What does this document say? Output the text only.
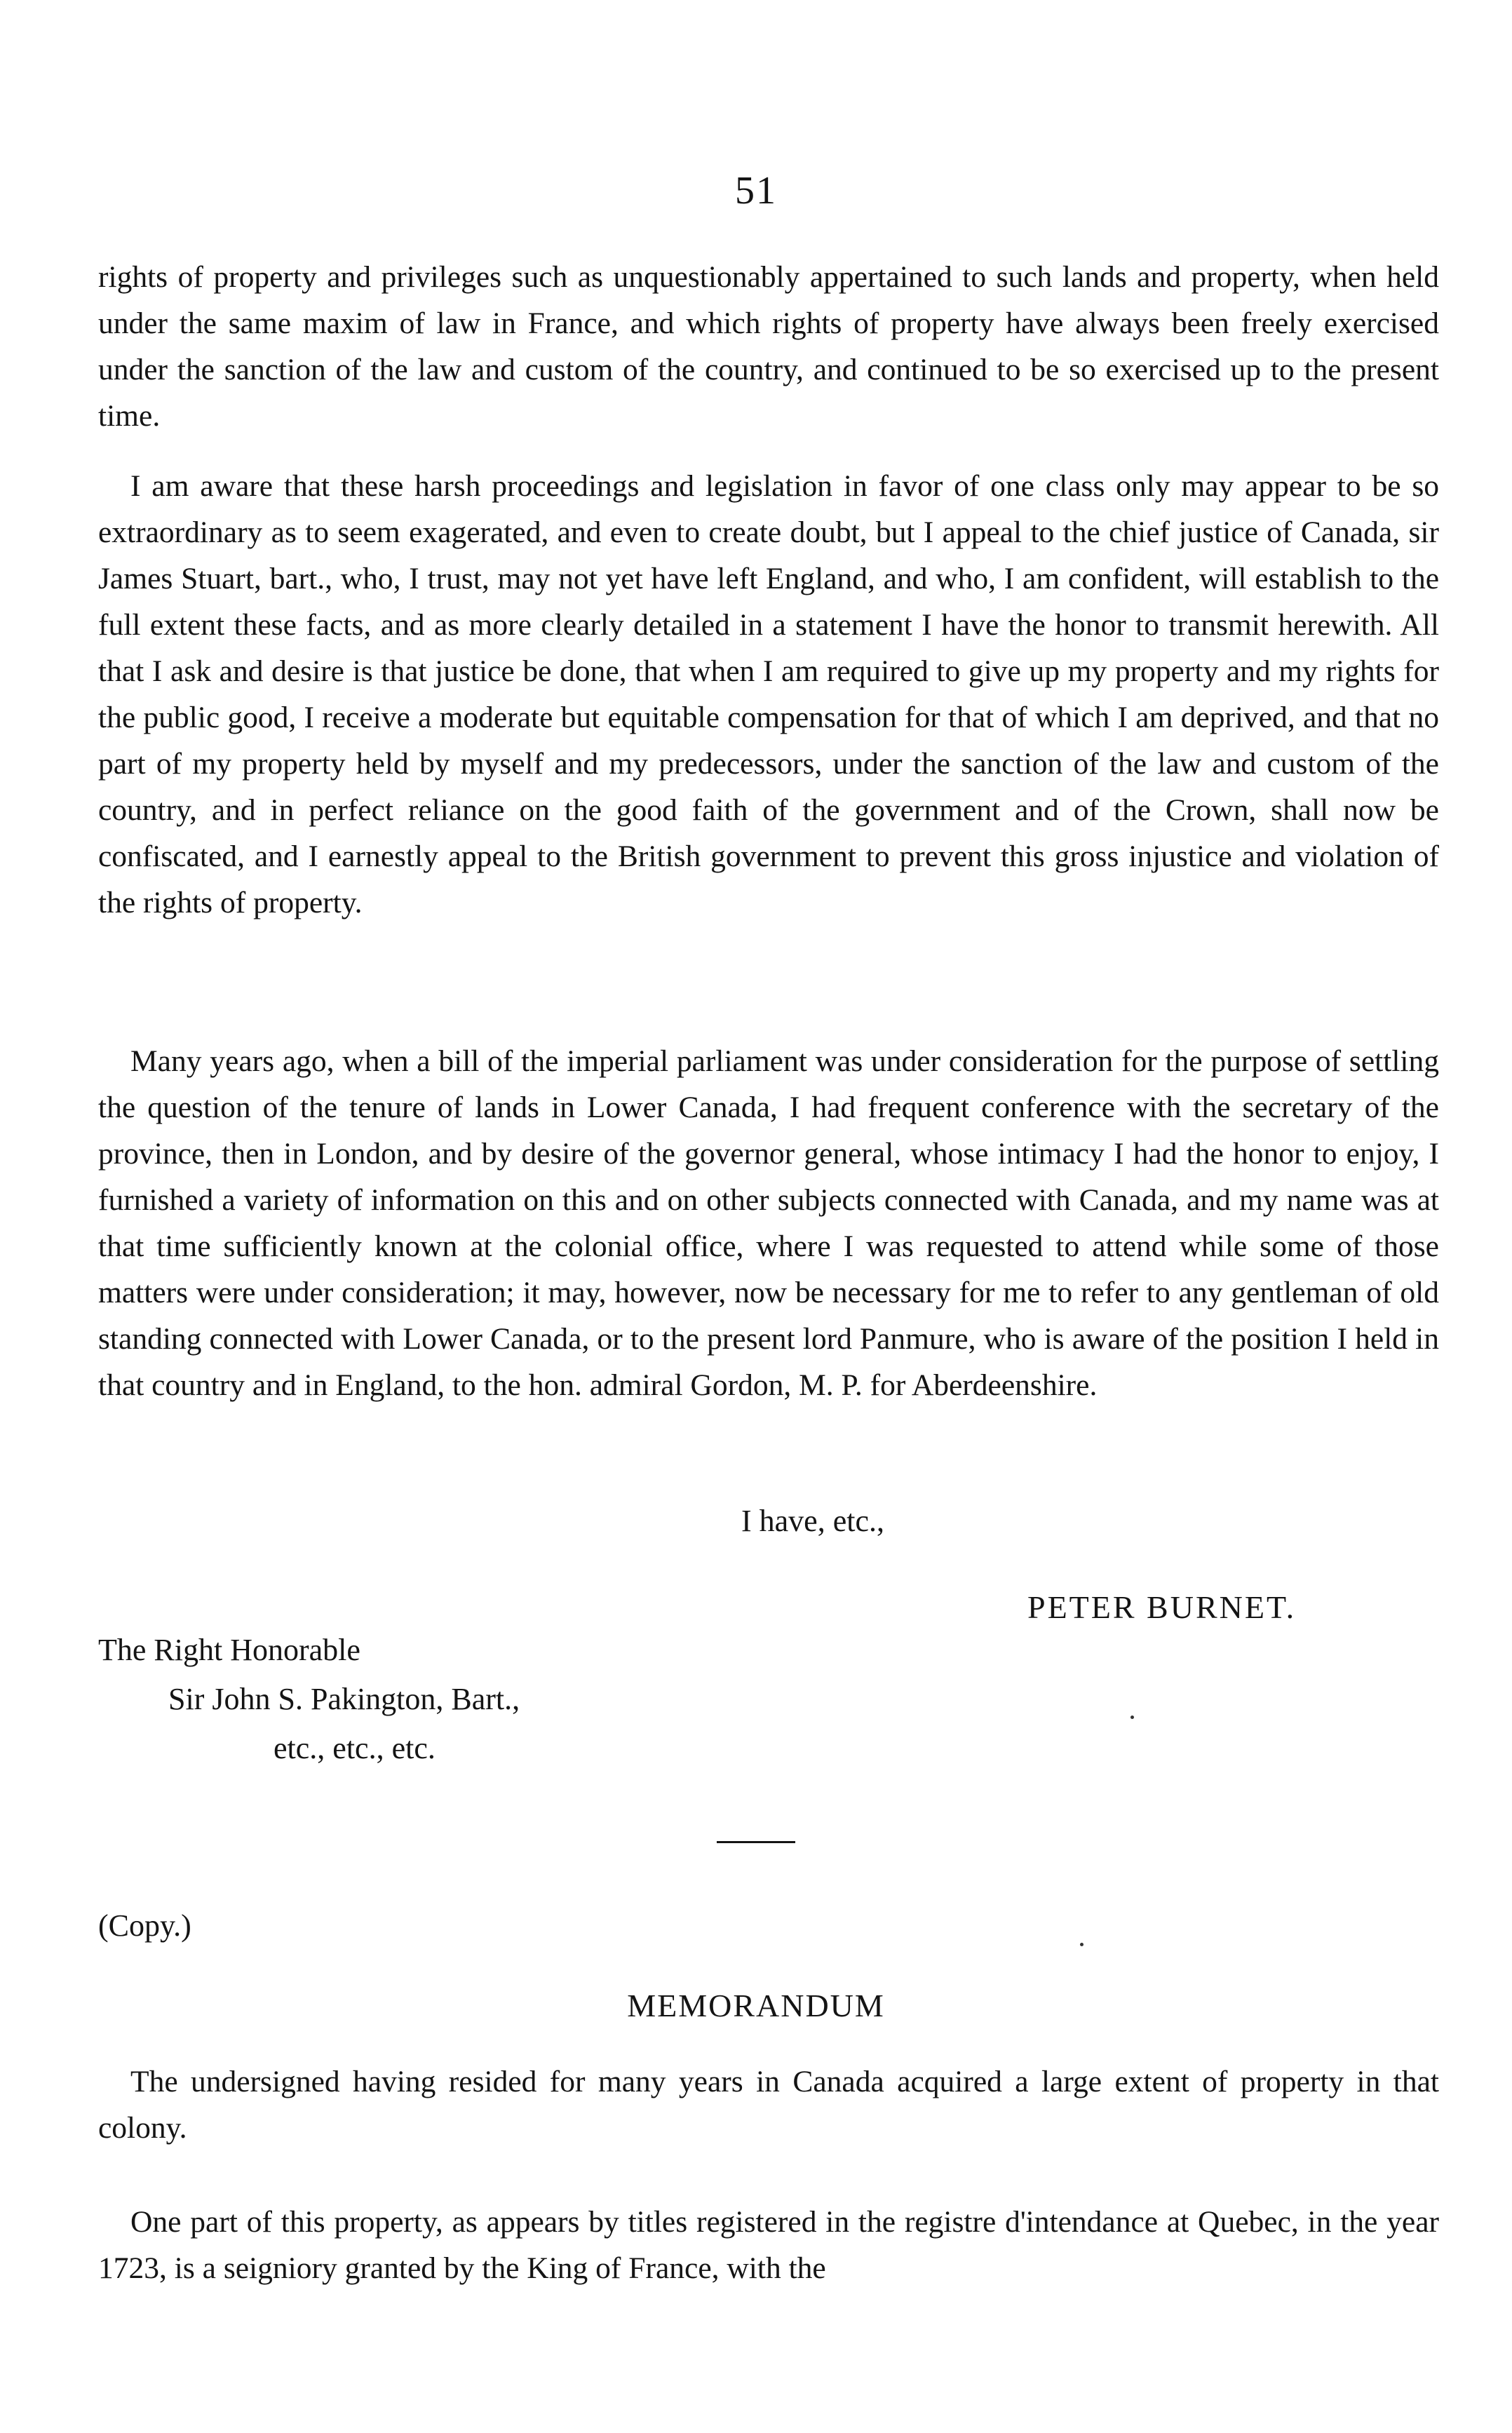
51

rights of property and privileges such as unquestionably appertained to such lands and property, when held under the same maxim of law in France, and which rights of property have always been freely exercised under the sanction of the law and custom of the country, and continued to be so exercised up to the present time.

I am aware that these harsh proceedings and legislation in favor of one class only may appear to be so extraordinary as to seem exagerated, and even to create doubt, but I appeal to the chief justice of Canada, sir James Stuart, bart., who, I trust, may not yet have left England, and who, I am confident, will establish to the full extent these facts, and as more clearly detailed in a statement I have the honor to transmit herewith. All that I ask and desire is that justice be done, that when I am required to give up my property and my rights for the public good, I receive a moderate but equitable compensation for that of which I am deprived, and that no part of my property held by myself and my predecessors, under the sanction of the law and custom of the country, and in perfect reliance on the good faith of the government and of the Crown, shall now be confiscated, and I earnestly appeal to the British government to prevent this gross injustice and violation of the rights of property.

Many years ago, when a bill of the imperial parliament was under consideration for the purpose of settling the question of the tenure of lands in Lower Canada, I had frequent conference with the secretary of the province, then in London, and by desire of the governor general, whose intimacy I had the honor to enjoy, I furnished a variety of information on this and on other subjects connected with Canada, and my name was at that time sufficiently known at the colonial office, where I was requested to attend while some of those matters were under consideration; it may, however, now be necessary for me to refer to any gentleman of old standing connected with Lower Canada, or to the present lord Panmure, who is aware of the position I held in that country and in England, to the hon. admiral Gordon, M. P. for Aberdeenshire.

I have, etc.,
PETER BURNET.
The Right Honorable
Sir John S. Pakington, Bart.,
etc., etc., etc.
(Copy.)
MEMORANDUM

The undersigned having resided for many years in Canada acquired a large extent of property in that colony.

One part of this property, as appears by titles registered in the registre d'intendance at Quebec, in the year 1723, is a seigniory granted by the King of France, with the
